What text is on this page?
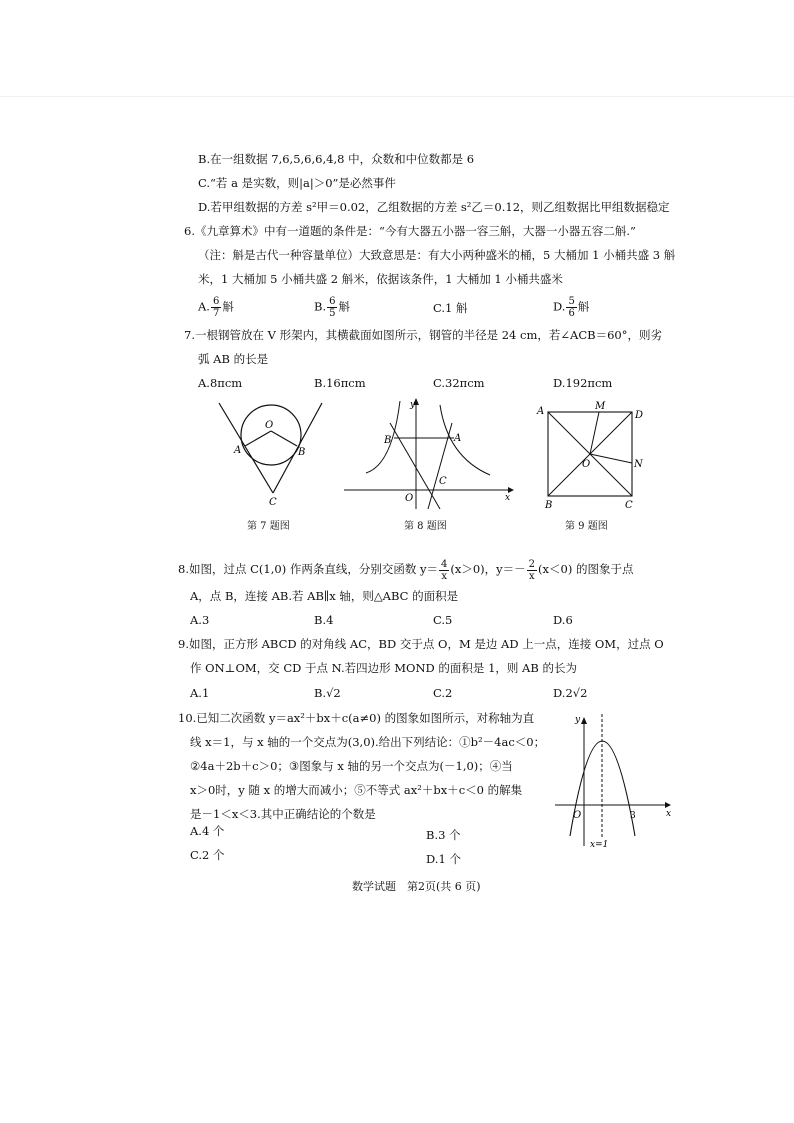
B.在一组数据 7,6,5,6,6,4,8 中，众数和中位数都是 6
C.“若 a 是实数，则|a|＞0”是必然事件
D.若甲组数据的方差 s²甲＝0.02，乙组数据的方差 s²乙＝0.12，则乙组数据比甲组数据稳定
6.《九章算术》中有一道题的条件是：“今有大器五小器一容三斛，大器一小器五容二斛.”
（注：斛是古代一种容量单位）大致意思是：有大小两种盛米的桶，5 大桶加 1 小桶共盛 3 斛
米，1 大桶加 5 小桶共盛 2 斛米，依据该条件，1 大桶加 1 小桶共盛米
A. $\frac{6}{7}$ 斛	B. $\frac{6}{5}$ 斛	C.1 斛	D. $\frac{5}{6}$ 斛
7.一根钢管放在 V 形架内，其横截面如图所示，钢管的半径是 24 cm，若∠ACB＝60°，则劣
弧 AB 的长是
A.8πcm	B.16πcm	C.32πcm	D.192πcm
O
A	B
C
第 7 题图
y
x
B	A
C
O
第 8 题图
A	M
D
O	N
B	C
第 9 题图
8.如图，过点 C(1,0) 作两条直线，分别交函数 $y= \frac{4}{x} (x>0)$，$y=- \frac{2}{x} (x<0)$ 的图象于点
A，点 B，连接 AB.若 AB∥x 轴，则△ABC 的面积是
A.3	B.4	C.5	D.6
9.如图，正方形 ABCD 的对角线 AC，BD 交于点 O，M 是边 AD 上一点，连接 OM，过点 O
作 ON⊥OM，交 CD 于点 N.若四边形 MOND 的面积是 1，则 AB 的长为
A.1	B.√2	C.2	D.2√2
10.已知二次函数 y＝ax²＋bx＋c(a≠0) 的图象如图所示，对称轴为直
线 x＝1，与 x 轴的一个交点为(3,0).给出下列结论：①b²－4ac＜0；
②4a＋2b＋c＞0；③图象与 x 轴的另一个交点为(－1,0)；④当
x＞0时，y 随 x 的增大而减小；⑤不等式 ax²＋bx＋c＜0 的解集
是－1＜x＜3.其中正确结论的个数是
A.4 个	B.3 个
C.2 个	D.1 个
y
x
O	3
x=1
数学试题　第2页(共 6 页)
